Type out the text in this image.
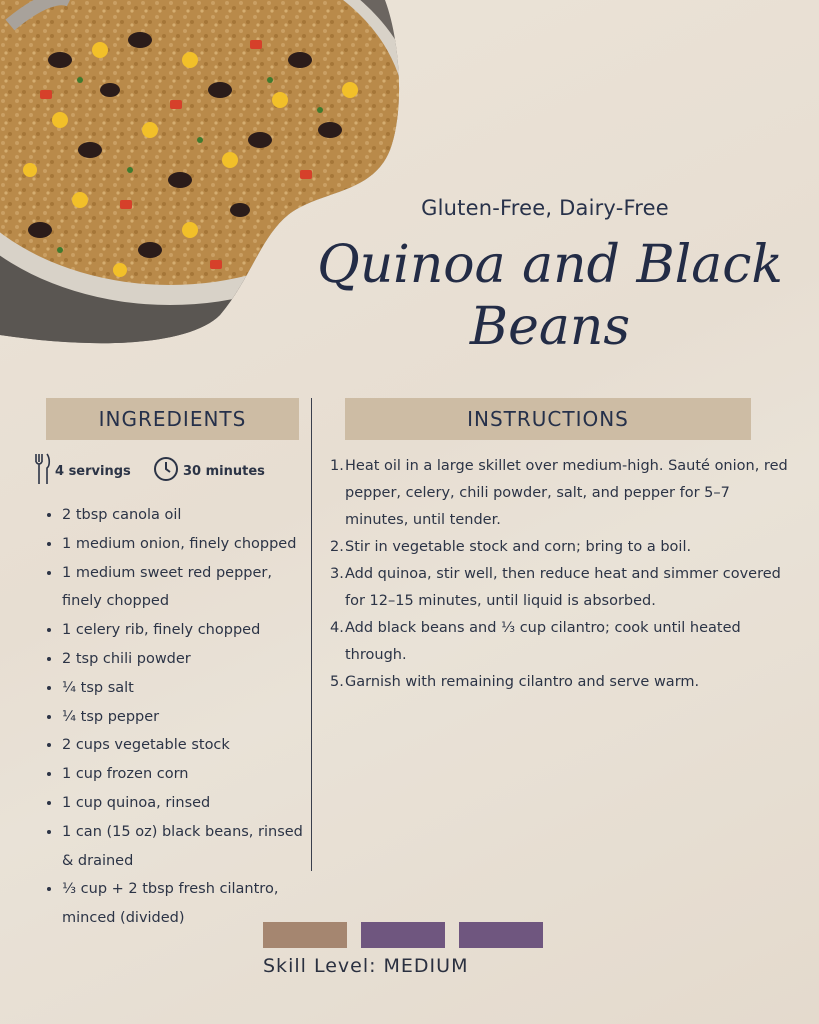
Gluten-Free, Dairy-Free
Quinoa and Black Beans
INGREDIENTS	INSTRUCTIONS
4 servings	30 minutes
• 2 tbsp canola oil
• 1 medium onion, finely chopped
• 1 medium sweet red pepper, finely chopped
• 1 celery rib, finely chopped
• 2 tsp chili powder
• ¼ tsp salt
• ¼ tsp pepper
• 2 cups vegetable stock
• 1 cup frozen corn
• 1 cup quinoa, rinsed
• 1 can (15 oz) black beans, rinsed & drained
• ⅓ cup + 2 tbsp fresh cilantro, minced (divided)
1. Heat oil in a large skillet over medium-high. Sauté onion, red pepper, celery, chili powder, salt, and pepper for 5–7 minutes, until tender.
2. Stir in vegetable stock and corn; bring to a boil.
3. Add quinoa, stir well, then reduce heat and simmer covered for 12–15 minutes, until liquid is absorbed.
4. Add black beans and ⅓ cup cilantro; cook until heated through.
5. Garnish with remaining cilantro and serve warm.
Skill Level: MEDIUM
